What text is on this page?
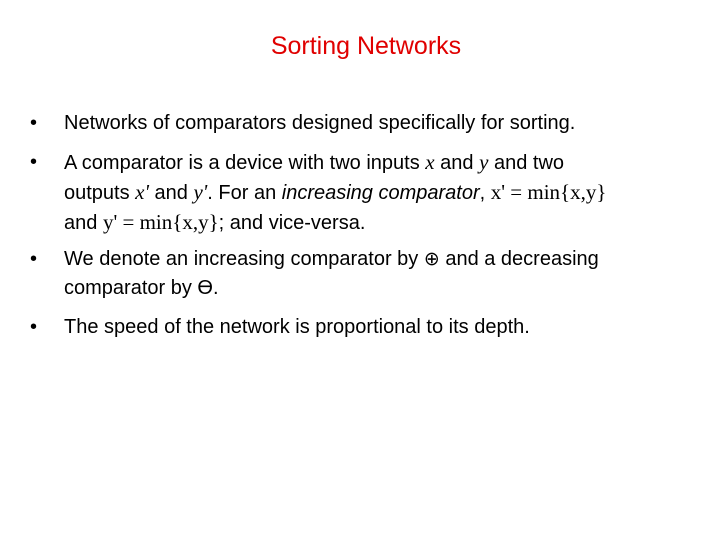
Sorting Networks
•	Networks of comparators designed specifically for sorting.
•	A comparator is a device with two inputs x and y and two
outputs x' and y'. For an increasing comparator, x' = min{x,y}
and y' = min{x,y}; and vice-versa.
•	We denote an increasing comparator by ⊕ and a decreasing
comparator by Ɵ.
•	The speed of the network is proportional to its depth.
